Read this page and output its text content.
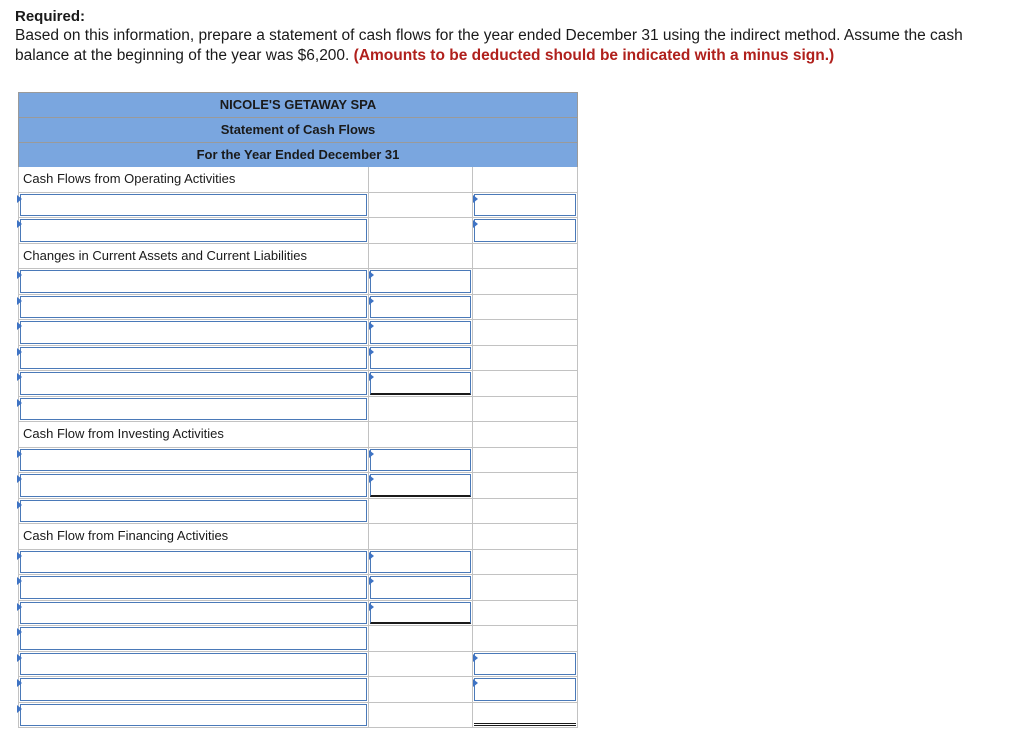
Required:
Based on this information, prepare a statement of cash flows for the year ended December 31 using the indirect method. Assume the cash balance at the beginning of the year was $6,200. (Amounts to be deducted should be indicated with a minus sign.)
NICOLE'S GETAWAY SPA
Statement of Cash Flows
For the Year Ended December 31
Cash Flows from Operating Activities
Changes in Current Assets and Current Liabilities
Cash Flow from Investing Activities
Cash Flow from Financing Activities
